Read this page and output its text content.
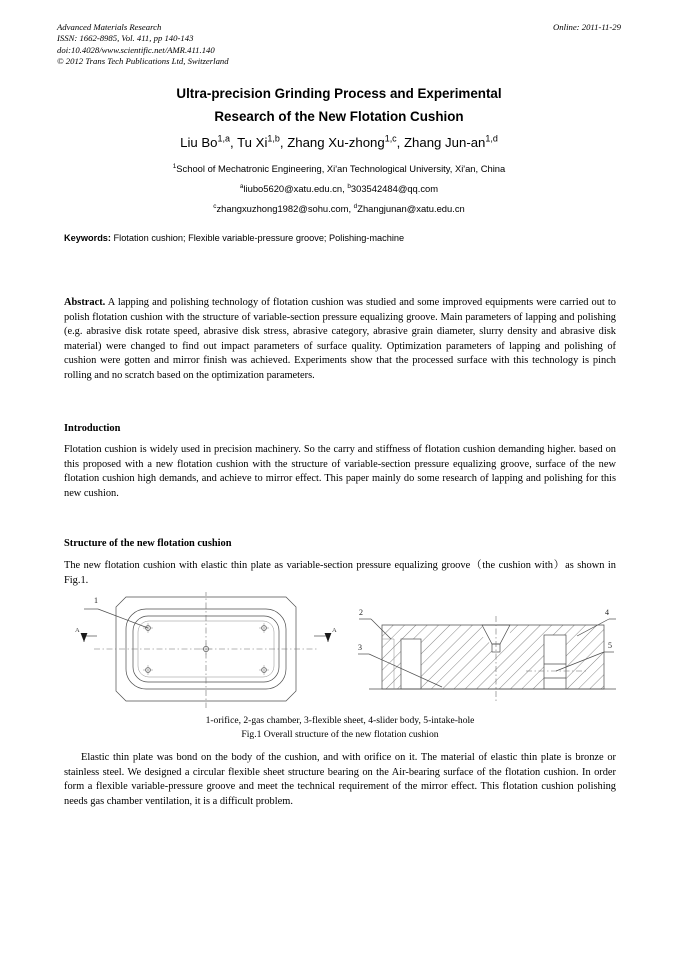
Online: 2011-11-29
Advanced Materials Research
ISSN: 1662-8985, Vol. 411, pp 140-143
doi:10.4028/www.scientific.net/AMR.411.140
© 2012 Trans Tech Publications Ltd, Switzerland
Ultra-precision Grinding Process and Experimental
Research of the New Flotation Cushion
Liu Bo$^{1,a}$, Tu Xi$^{1,b}$, Zhang Xu-zhong$^{1,c}$, Zhang Jun-an$^{1,d}$
$^1$School of Mechatronic Engineering, Xi'an Technological University, Xi'an, China
$^a$liubo5620@xatu.edu.cn, $^b$303542484@qq.com
$^c$zhangxuzhong1982@sohu.com, $^d$Zhangjunan@xatu.edu.cn
Keywords: Flotation cushion; Flexible variable-pressure groove; Polishing-machine

Abstract. A lapping and polishing technology of flotation cushion was studied and some improved equipments were carried out to polish flotation cushion with the structure of variable-section pressure equalizing groove. Main parameters of lapping and polishing (e.g. abrasive disk rotate speed, abrasive disk stress, abrasive category, abrasive grain diameter, slurry density and abrasive disk material) were changed to find out impact parameters of surface quality. Optimization parameters of lapping and polishing of cushion were gotten and mirror finish was achieved. Experiments show that the processed surface with this technology is pinch rolling and no scratch based on the optimization parameters.

Introduction

Flotation cushion is widely used in precision machinery. So the carry and stiffness of flotation cushion demanding higher. based on this proposed with a new flotation cushion with the structure of variable-section pressure equalizing groove, surface of the new flotation cushion high demands, and achieve to mirror effect. This paper mainly do some research of lapping and polishing for this new cushion.

Structure of the new flotation cushion

The new flotation cushion with elastic thin plate as variable-section pressure equalizing groove（the cushion with）as shown in Fig.1.

1
A	A
2
3
4
5
1-orifice, 2-gas chamber, 3-flexible sheet, 4-slider body, 5-intake-hole
Fig.1 Overall structure of the new flotation cushion

Elastic thin plate was bond on the body of the cushion, and with orifice on it. The material of elastic thin plate is bronze or stainless steel. We designed a circular flexible sheet structure bearing on the Air-bearing surface of the flotation cushion. In order form a flexible variable-pressure groove and meet the technical requirement of the mirror effect. This flotation cushion polishing needs gas chamber ventilation, it is a difficult problem.
